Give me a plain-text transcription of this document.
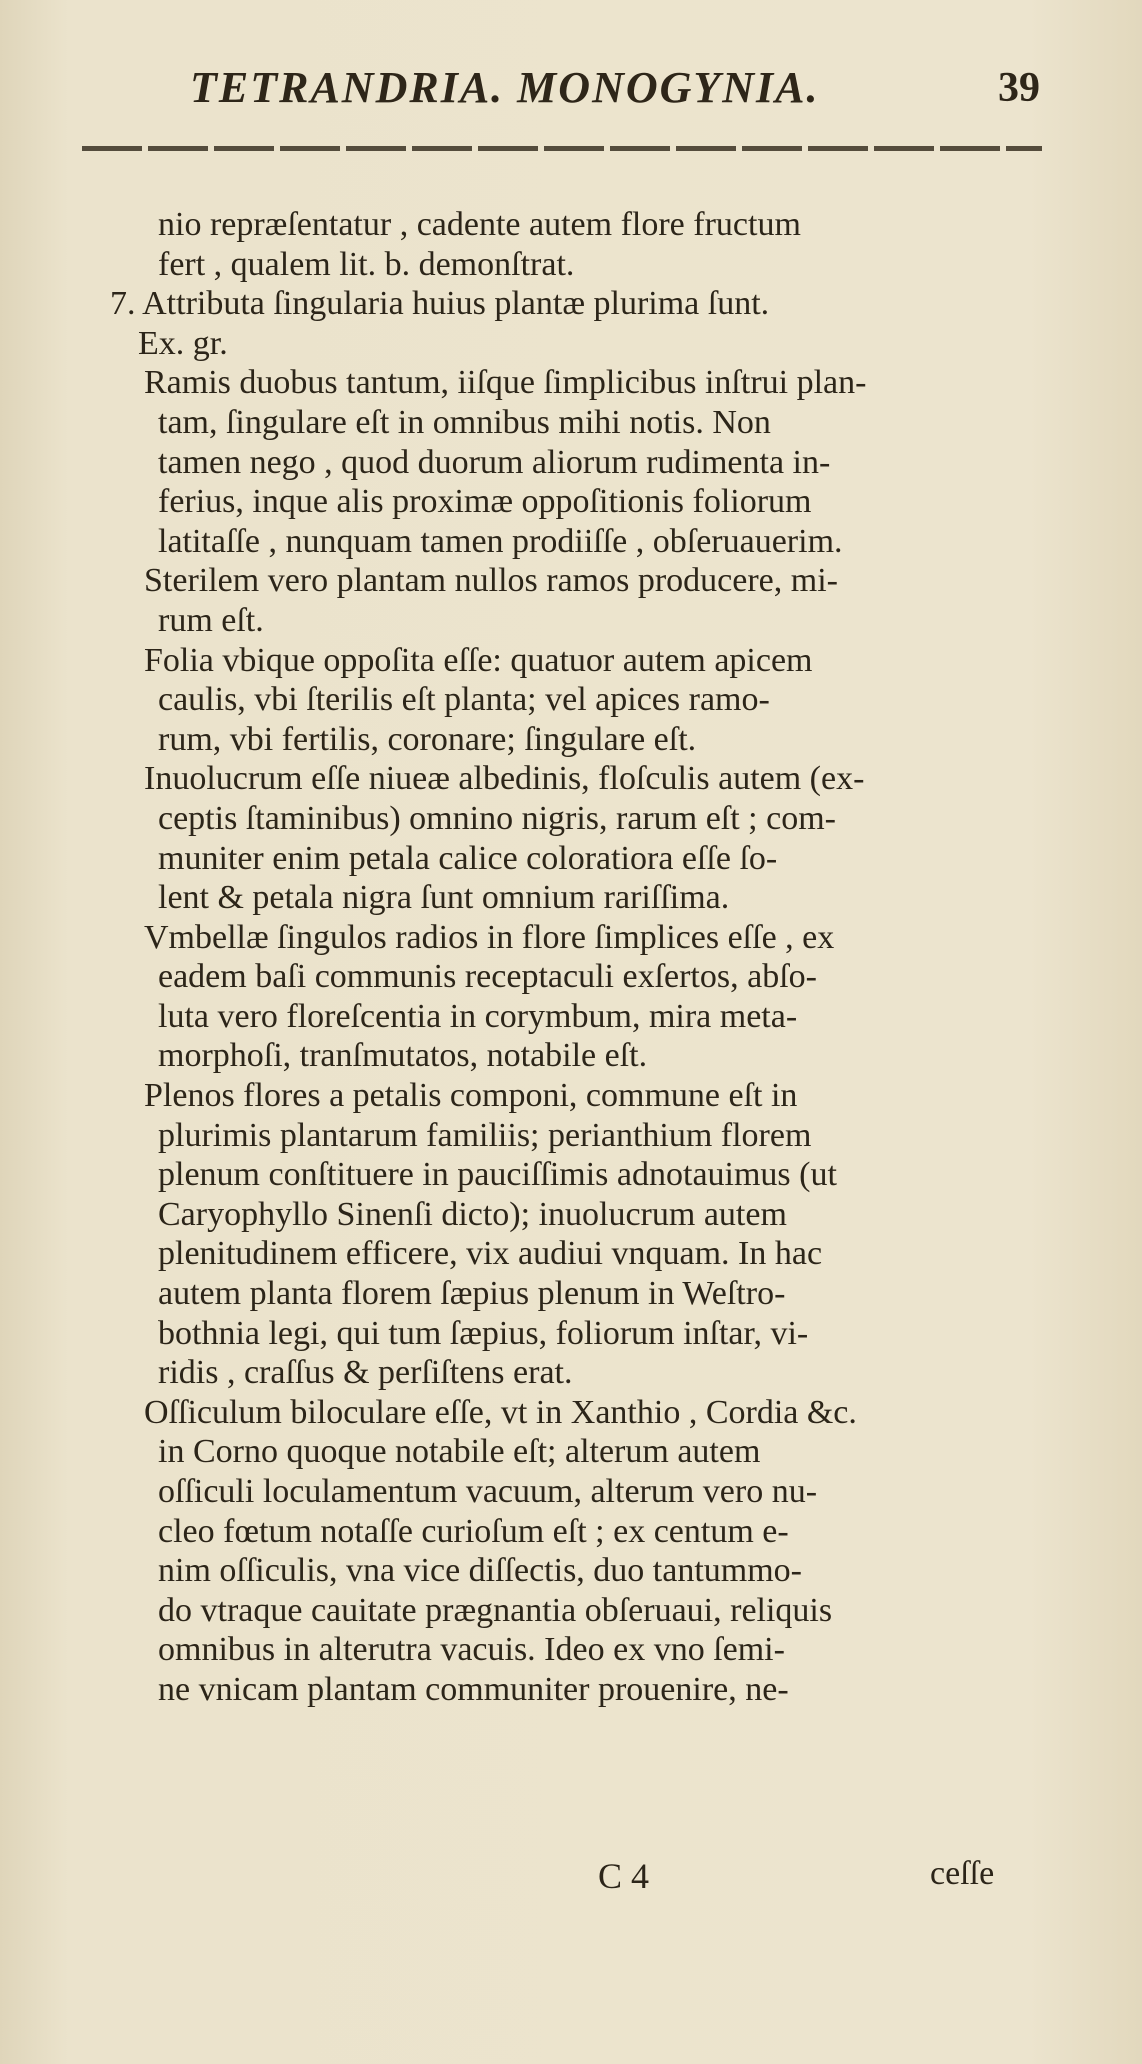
TETRANDRIA. MONOGYNIA.	39
nio repræſentatur , cadente autem flore fructum
fert , qualem lit. b. demonſtrat.
7. Attributa ſingularia huius plantæ plurima ſunt.
Ex. gr.
Ramis duobus tantum, iiſque ſimplicibus inſtrui plan-
tam, ſingulare eſt in omnibus mihi notis. Non
tamen nego , quod duorum aliorum rudimenta in-
ferius, inque alis proximæ oppoſitionis foliorum
latitaſſe , nunquam tamen prodiiſſe , obſeruauerim.
Sterilem vero plantam nullos ramos producere, mi-
rum eſt.
Folia vbique oppoſita eſſe: quatuor autem apicem
caulis, vbi ſterilis eſt planta; vel apices ramo-
rum, vbi fertilis, coronare; ſingulare eſt.
Inuolucrum eſſe niueæ albedinis, floſculis autem (ex-
ceptis ſtaminibus) omnino nigris, rarum eſt ; com-
muniter enim petala calice coloratiora eſſe ſo-
lent & petala nigra ſunt omnium rariſſima.
Vmbellæ ſingulos radios in flore ſimplices eſſe , ex
eadem baſi communis receptaculi exſertos, abſo-
luta vero floreſcentia in corymbum, mira meta-
morphoſi, tranſmutatos, notabile eſt.
Plenos flores a petalis componi, commune eſt in
plurimis plantarum familiis; perianthium florem
plenum conſtituere in pauciſſimis adnotauimus (ut
Caryophyllo Sinenſi dicto); inuolucrum autem
plenitudinem efficere, vix audiui vnquam. In hac
autem planta florem ſæpius plenum in Weſtro-
bothnia legi, qui tum ſæpius, foliorum inſtar, vi-
ridis , craſſus & perſiſtens erat.
Oſſiculum biloculare eſſe, vt in Xanthio , Cordia &c.
in Corno quoque notabile eſt; alterum autem
oſſiculi loculamentum vacuum, alterum vero nu-
cleo fœtum notaſſe curioſum eſt ; ex centum e-
nim oſſiculis, vna vice diſſectis, duo tantummo-
do vtraque cauitate prægnantia obſeruaui, reliquis
omnibus in alterutra vacuis. Ideo ex vno ſemi-
ne vnicam plantam communiter prouenire, ne-
C 4	ceſſe
